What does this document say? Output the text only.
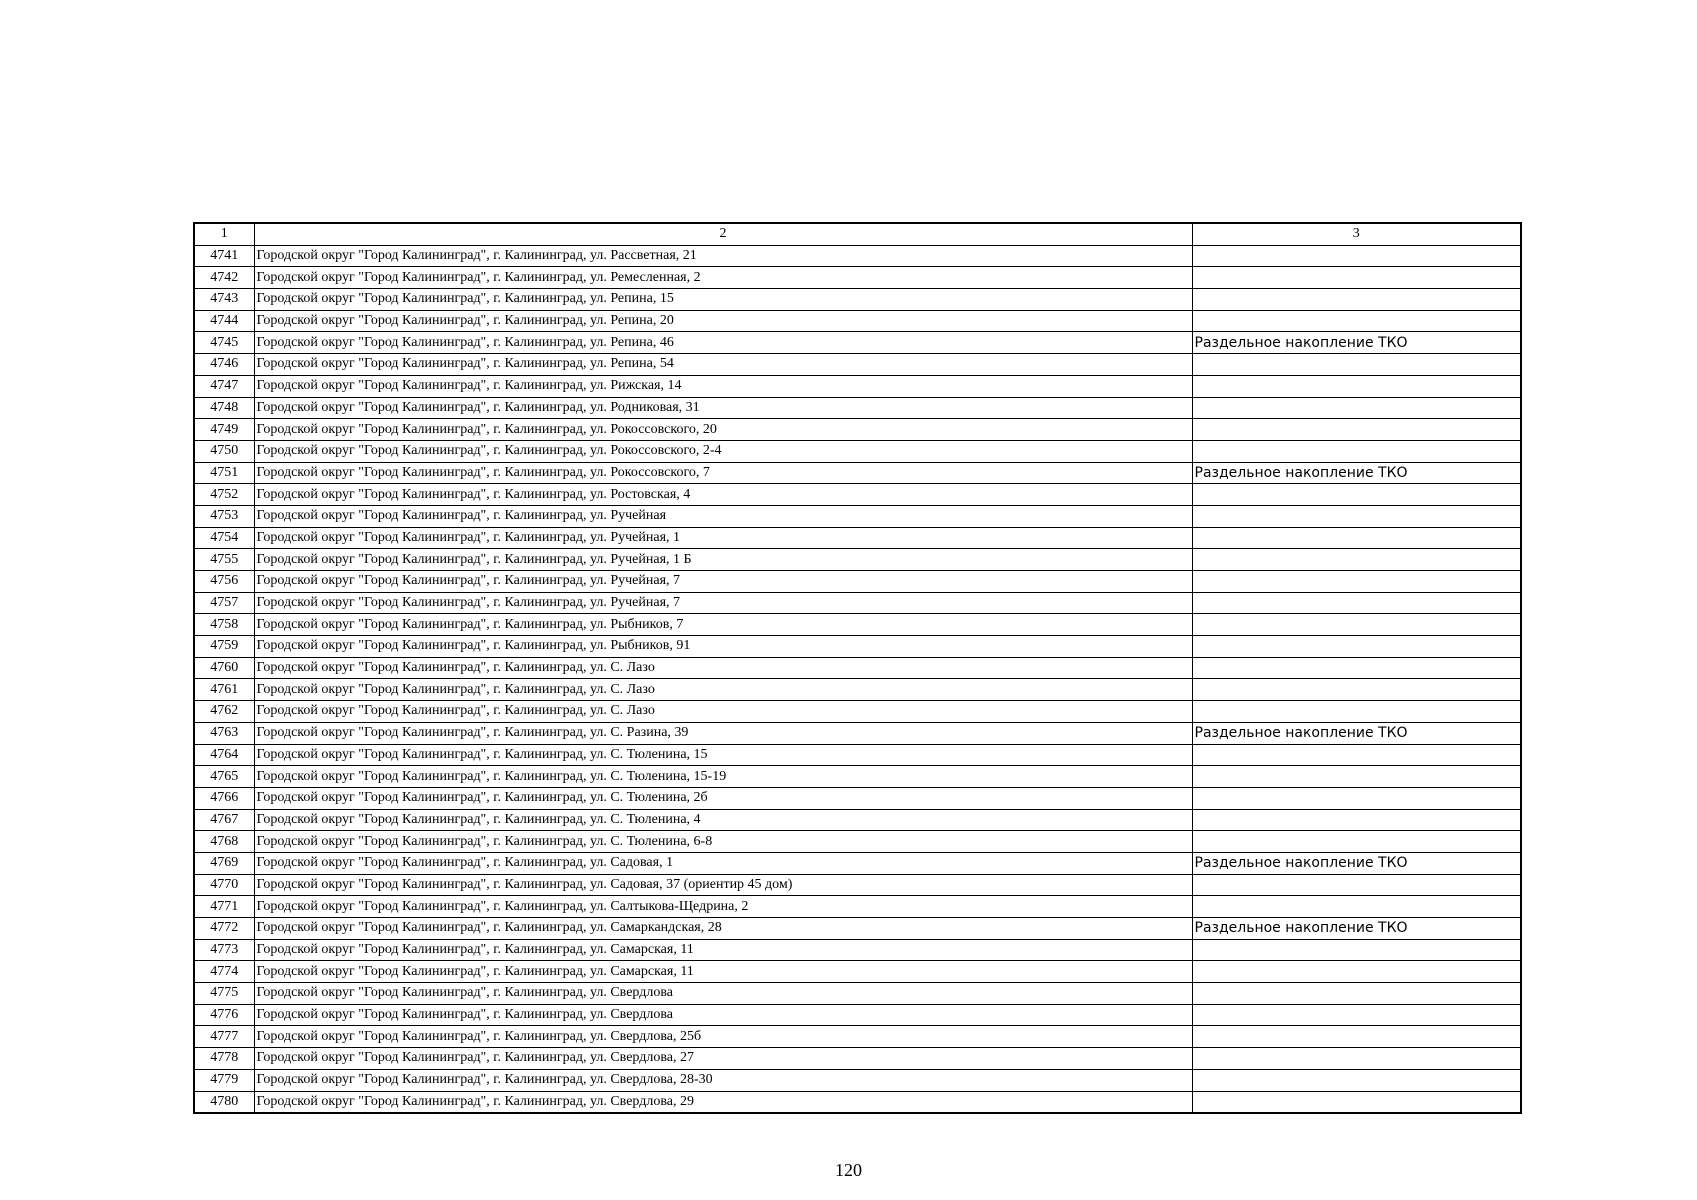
1	2	3
4741	Городской округ "Город Калининград", г. Калининград, ул. Рассветная, 21	
4742	Городской округ "Город Калининград", г. Калининград, ул. Ремесленная, 2	
4743	Городской округ "Город Калининград", г. Калининград, ул. Репина, 15	
4744	Городской округ "Город Калининград", г. Калининград, ул. Репина, 20	
4745	Городской округ "Город Калининград", г. Калининград, ул. Репина, 46	Раздельное накопление ТКО
4746	Городской округ "Город Калининград", г. Калининград, ул. Репина, 54	
4747	Городской округ "Город Калининград", г. Калининград, ул. Рижская, 14	
4748	Городской округ "Город Калининград", г. Калининград, ул. Родниковая, 31	
4749	Городской округ "Город Калининград", г. Калининград, ул. Рокоссовского, 20	
4750	Городской округ "Город Калининград", г. Калининград, ул. Рокоссовского, 2-4	
4751	Городской округ "Город Калининград", г. Калининград, ул. Рокоссовского, 7	Раздельное накопление ТКО
4752	Городской округ "Город Калининград", г. Калининград, ул. Ростовская, 4	
4753	Городской округ "Город Калининград", г. Калининград, ул. Ручейная	
4754	Городской округ "Город Калининград", г. Калининград, ул. Ручейная, 1	
4755	Городской округ "Город Калининград", г. Калининград, ул. Ручейная, 1 Б	
4756	Городской округ "Город Калининград", г. Калининград, ул. Ручейная, 7	
4757	Городской округ "Город Калининград", г. Калининград, ул. Ручейная, 7	
4758	Городской округ "Город Калининград", г. Калининград, ул. Рыбников, 7	
4759	Городской округ "Город Калининград", г. Калининград, ул. Рыбников, 91	
4760	Городской округ "Город Калининград", г. Калининград, ул. С. Лазо	
4761	Городской округ "Город Калининград", г. Калининград, ул. С. Лазо	
4762	Городской округ "Город Калининград", г. Калининград, ул. С. Лазо	
4763	Городской округ "Город Калининград", г. Калининград, ул. С. Разина, 39	Раздельное накопление ТКО
4764	Городской округ "Город Калининград", г. Калининград, ул. С. Тюленина, 15	
4765	Городской округ "Город Калининград", г. Калининград, ул. С. Тюленина, 15-19	
4766	Городской округ "Город Калининград", г. Калининград, ул. С. Тюленина, 2б	
4767	Городской округ "Город Калининград", г. Калининград, ул. С. Тюленина, 4	
4768	Городской округ "Город Калининград", г. Калининград, ул. С. Тюленина, 6-8	
4769	Городской округ "Город Калининград", г. Калининград, ул. Садовая, 1	Раздельное накопление ТКО
4770	Городской округ "Город Калининград", г. Калининград, ул. Садовая, 37 (ориентир 45 дом)	
4771	Городской округ "Город Калининград", г. Калининград, ул. Салтыкова-Щедрина, 2	
4772	Городской округ "Город Калининград", г. Калининград, ул. Самаркандская, 28	Раздельное накопление ТКО
4773	Городской округ "Город Калининград", г. Калининград, ул. Самарская, 11	
4774	Городской округ "Город Калининград", г. Калининград, ул. Самарская, 11	
4775	Городской округ "Город Калининград", г. Калининград, ул. Свердлова	
4776	Городской округ "Город Калининград", г. Калининград, ул. Свердлова	
4777	Городской округ "Город Калининград", г. Калининград, ул. Свердлова, 25б	
4778	Городской округ "Город Калининград", г. Калининград, ул. Свердлова, 27	
4779	Городской округ "Город Калининград", г. Калининград, ул. Свердлова, 28-30	
4780	Городской округ "Город Калининград", г. Калининград, ул. Свердлова, 29	
120
